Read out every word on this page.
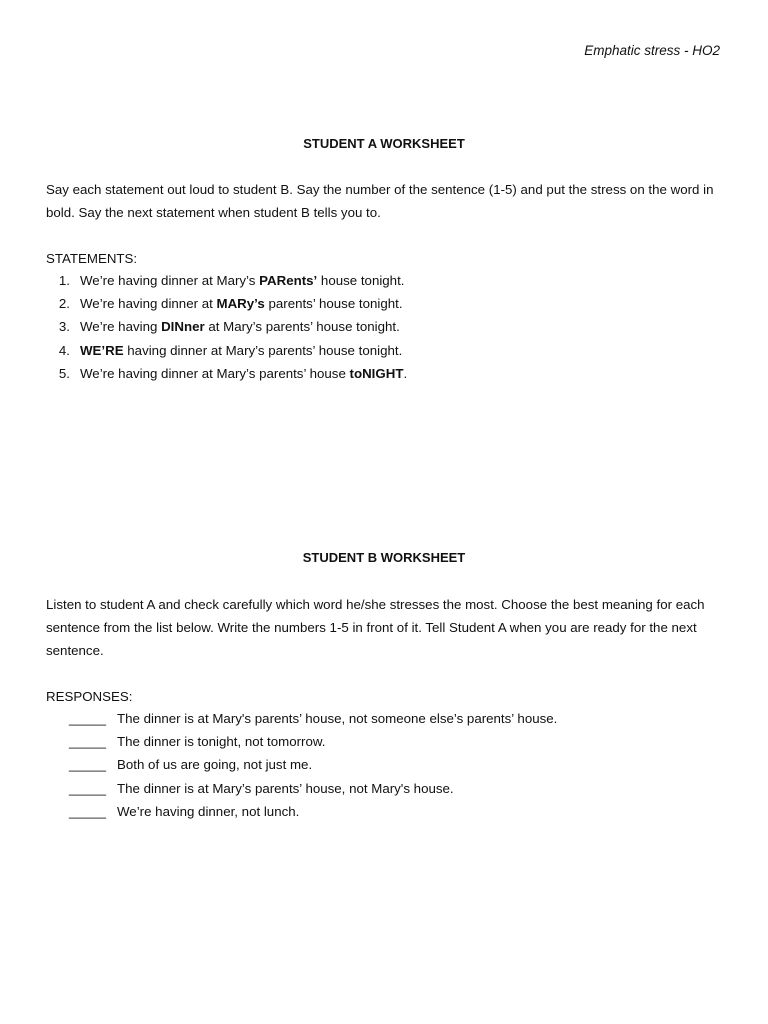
Emphatic stress - HO2
STUDENT A WORKSHEET

Say each statement out loud to student B. Say the number of the sentence (1-5) and put the stress on the word in bold. Say the next statement when student B tells you to.

STATEMENTS:
1. We’re having dinner at Mary’s PARents’ house tonight.
2. We’re having dinner at MARy’s parents’ house tonight.
3. We’re having DINner at Mary’s parents’ house tonight.
4. WE’RE having dinner at Mary’s parents’ house tonight.
5. We’re having dinner at Mary’s parents’ house toNIGHT.
STUDENT B WORKSHEET

Listen to student A and check carefully which word he/she stresses the most. Choose the best meaning for each sentence from the list below. Write the numbers 1-5 in front of it. Tell Student A when you are ready for the next sentence.

RESPONSES:
_____ The dinner is at Mary's parents’ house, not someone else’s parents’ house.
_____ The dinner is tonight, not tomorrow.
_____ Both of us are going, not just me.
_____ The dinner is at Mary’s parents’ house, not Mary's house.
_____ We’re having dinner, not lunch.
